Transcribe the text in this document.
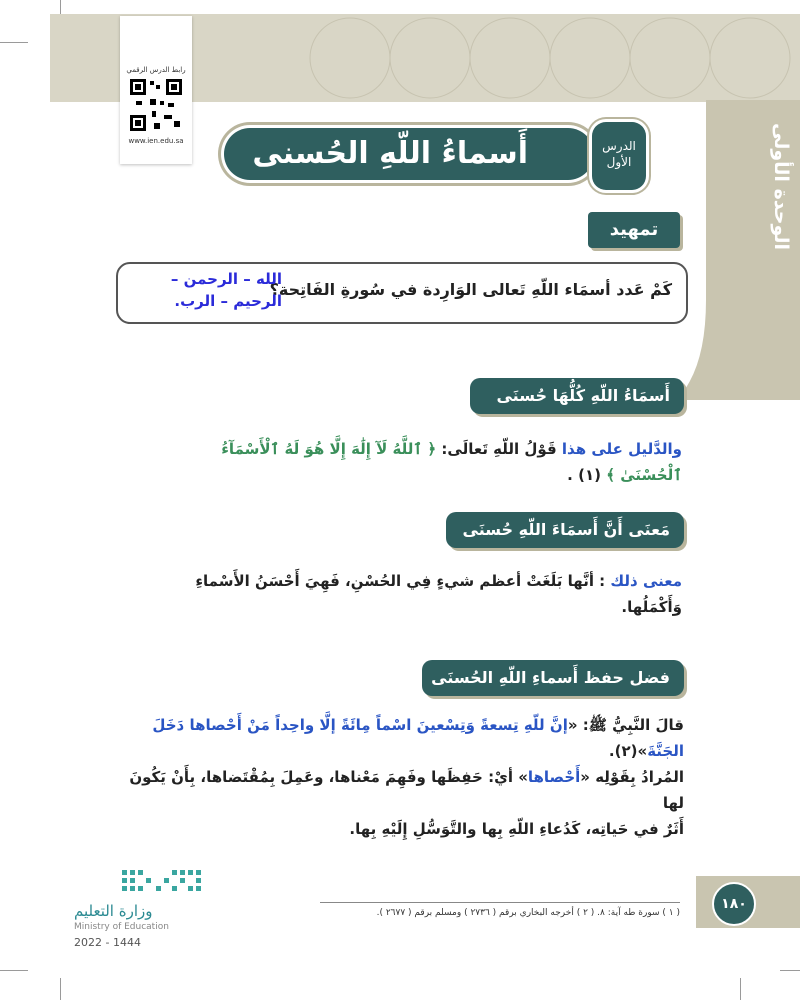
الوحدة الأولى
رابط الدرس الرقمي
www.ien.edu.sa أَسماءُ اللّهِ الحُسنى	الدرس
الأول
تمهيد
كَمْ عَدد أسمَاء اللّهِ تَعالى الوَارِدة في سُورةِ الفَاتِحة؟
الله – الرحمن – الرحيم – الرب.
أَسمَاءُ اللّهِ كُلُّهَا حُسنَى
والدَّليل على هذا قَوْلُ اللّهِ تَعالَى: ﴿ ٱللَّهُ لَآ إِلَٰهَ إِلَّا هُوَ لَهُ ٱلْأَسْمَآءُ ٱلْحُسْنَىٰ ﴾ (١) .
مَعنَى أَنَّ أَسمَاءَ اللّهِ حُسنَى
معنى ذلك : أنَّها بَلَغَتْ أعظم شيءٍ فِي الحُسْنِ، فَهِيَ أَحْسَنُ الأَسْماءِ وَأَكْمَلُها.
فضل حفظ أَسماءِ اللّهِ الحُسنَى
قالَ النَّبِيُّ ﷺ: «إنَّ للّهِ تِسعةً وَتِسْعينَ اسْماً مِائَةً إلَّا واحِداً مَنْ أَحْصاها دَخَلَ الجَنَّةَ»(٢).
المُرادُ بِقَوْلِه «أَحْصاها» أيْ: حَفِظَها وفَهِمَ مَعْناها، وعَمِلَ بِمُقْتَضاها، بِأَنْ يَكُونَ لها
أَثَرٌ في حَياتِه، كَدُعاءِ اللّهِ بِها والتَّوَسُّلِ إِلَيْهِ بِها.
( ١ ) سورة طه آية: ٨. ( ٢ ) أخرجه البخاري برقم ( ٢٧٣٦ ) ومسلم برقم ( ٢٦٧٧ ).
١٨٠
وزارة التعليم
Ministry of Education
2022 - 1444
